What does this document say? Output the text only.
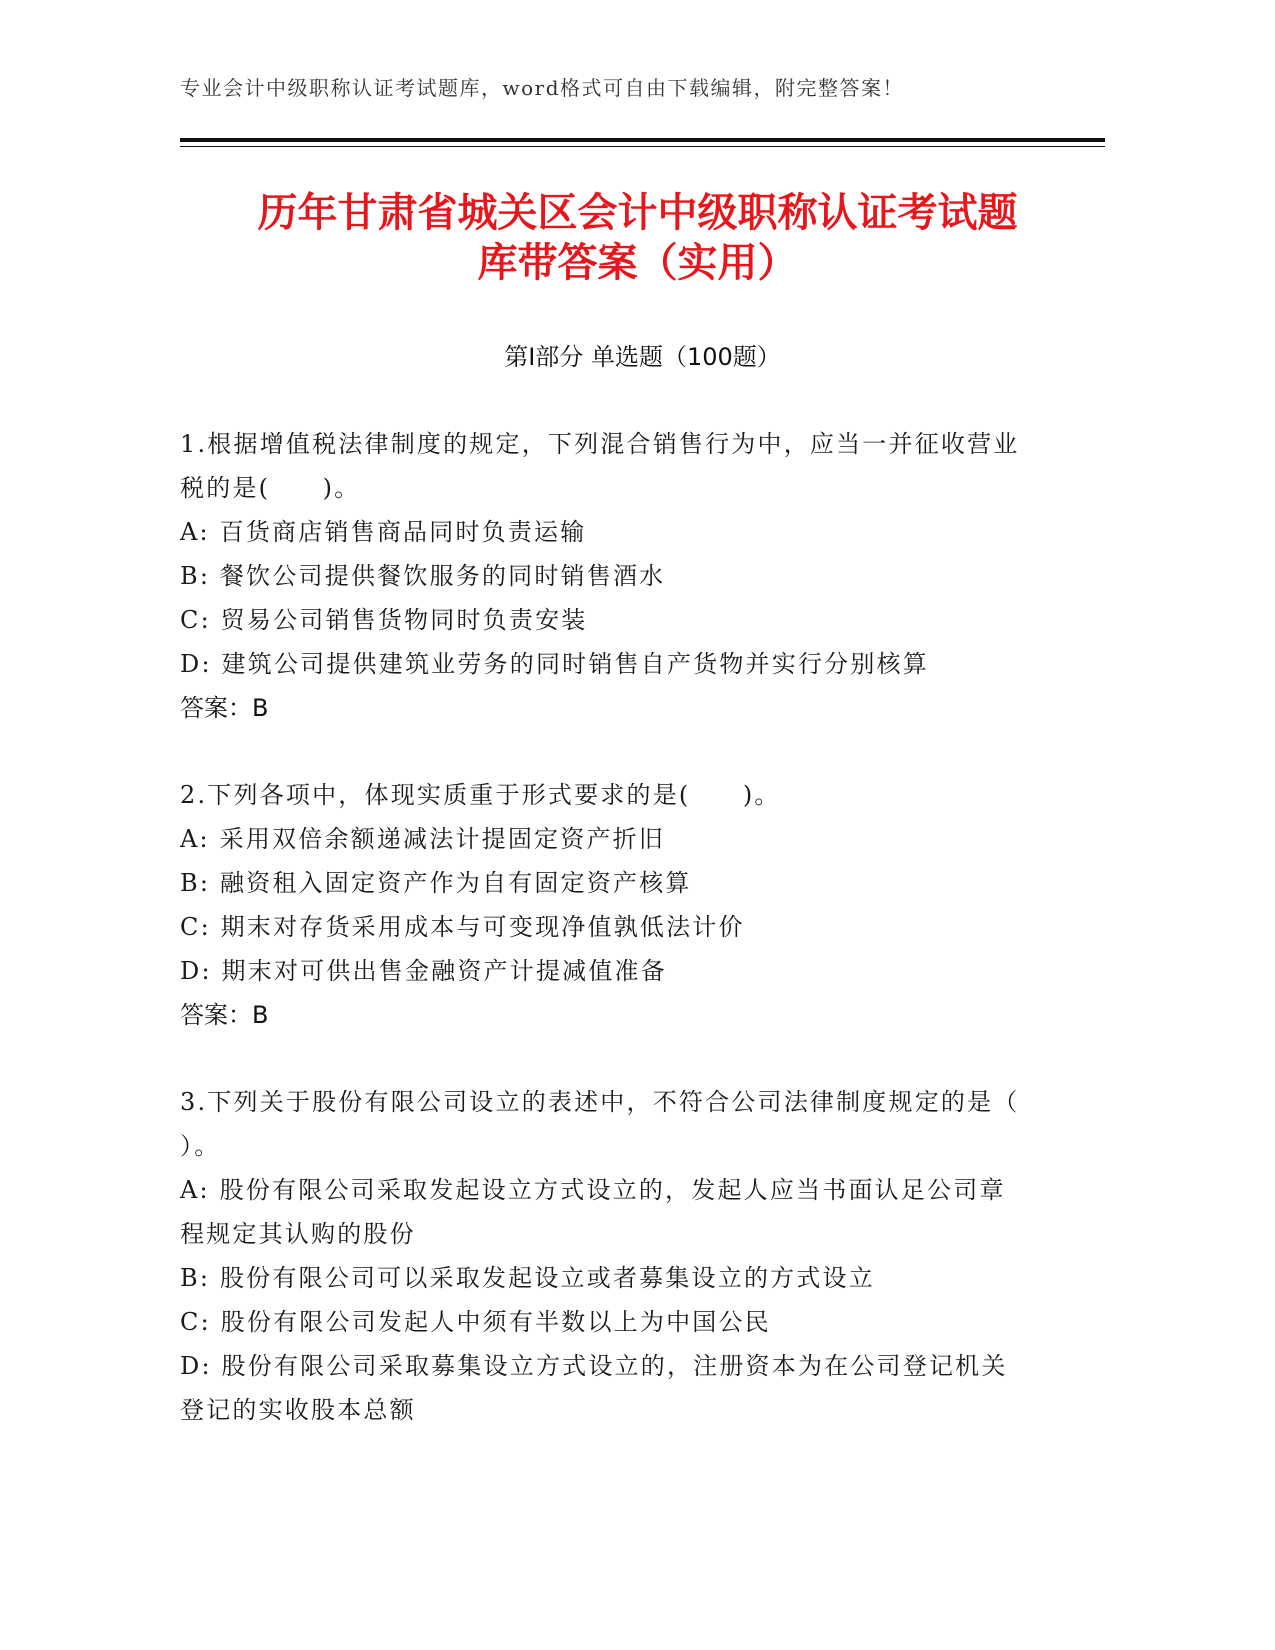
专业会计中级职称认证考试题库，word格式可自由下载编辑，附完整答案！
历年甘肃省城关区会计中级职称认证考试题
库带答案（实用）
第Ⅰ部分 单选题（100题）

1.根据增值税法律制度的规定，下列混合销售行为中，应当一并征收营业税的是(　　)。

A: 百货商店销售商品同时负责运输

B: 餐饮公司提供餐饮服务的同时销售酒水

C: 贸易公司销售货物同时负责安装

D: 建筑公司提供建筑业劳务的同时销售自产货物并实行分别核算

答案：B

2.下列各项中，体现实质重于形式要求的是(　　)。

A: 采用双倍余额递减法计提固定资产折旧

B: 融资租入固定资产作为自有固定资产核算

C: 期末对存货采用成本与可变现净值孰低法计价

D: 期末对可供出售金融资产计提减值准备

答案：B

3.下列关于股份有限公司设立的表述中，不符合公司法律制度规定的是（ ）。

A: 股份有限公司采取发起设立方式设立的，发起人应当书面认足公司章程规定其认购的股份

B: 股份有限公司可以采取发起设立或者募集设立的方式设立

C: 股份有限公司发起人中须有半数以上为中国公民

D: 股份有限公司采取募集设立方式设立的，注册资本为在公司登记机关登记的实收股本总额
